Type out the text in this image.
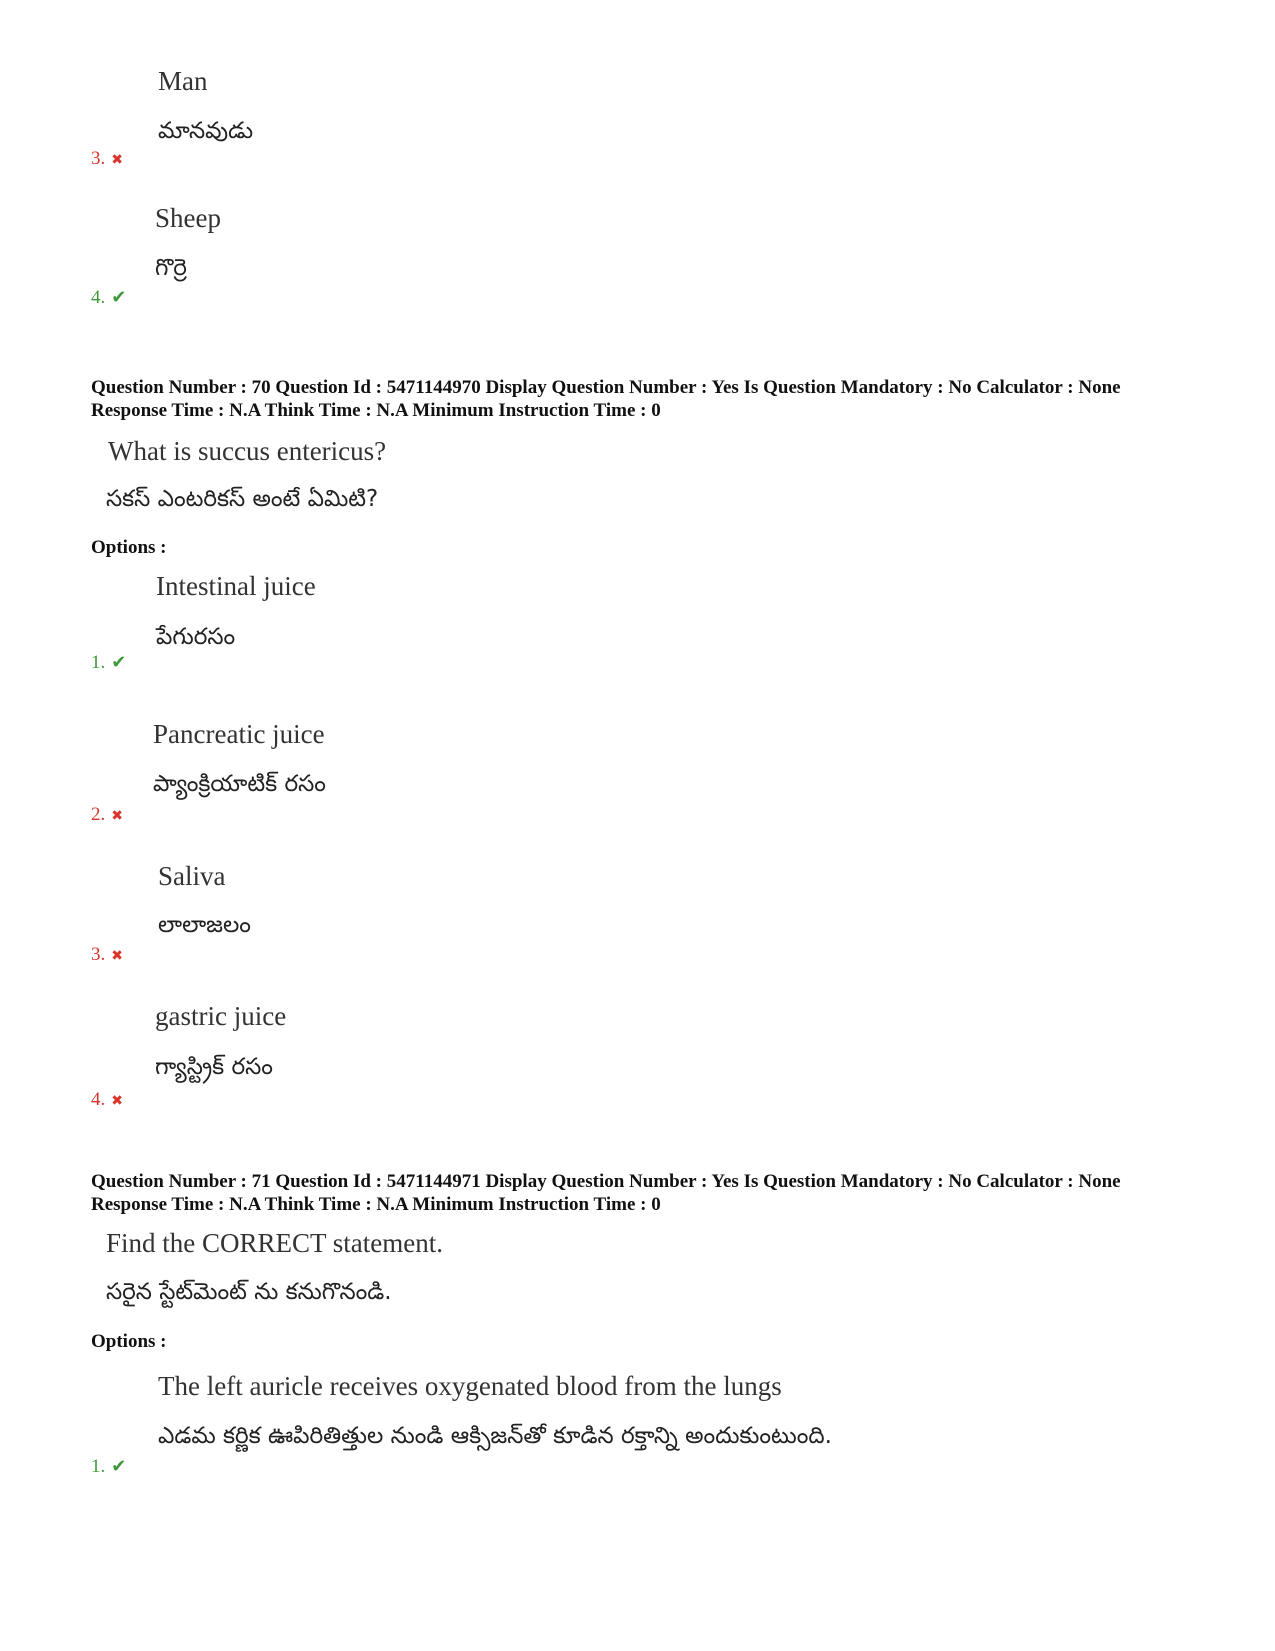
Man
మానవుడు
3. ✖
Sheep
గొర్రె
4. ✔
Question Number : 70 Question Id : 5471144970 Display Question Number : Yes Is Question Mandatory : No Calculator : None
Response Time : N.A Think Time : N.A Minimum Instruction Time : 0
What is succus entericus?
సకస్ ఎంటరికస్ అంటే ఏమిటి?
Options :
Intestinal juice
పేగురసం
1. ✔
Pancreatic juice
ప్యాంక్రియాటిక్ రసం
2. ✖
Saliva
లాలాజలం
3. ✖
gastric juice
గ్యాస్ట్రిక్ రసం
4. ✖
Question Number : 71 Question Id : 5471144971 Display Question Number : Yes Is Question Mandatory : No Calculator : None
Response Time : N.A Think Time : N.A Minimum Instruction Time : 0
Find the CORRECT statement.
సరైన స్టేట్‌మెంట్ ను కనుగొనండి.
Options :
The left auricle receives oxygenated blood from the lungs
ఎడమ కర్ణిక ఊపిరితిత్తుల నుండి ఆక్సిజన్‌తో కూడిన రక్తాన్ని అందుకుంటుంది.
1. ✔
